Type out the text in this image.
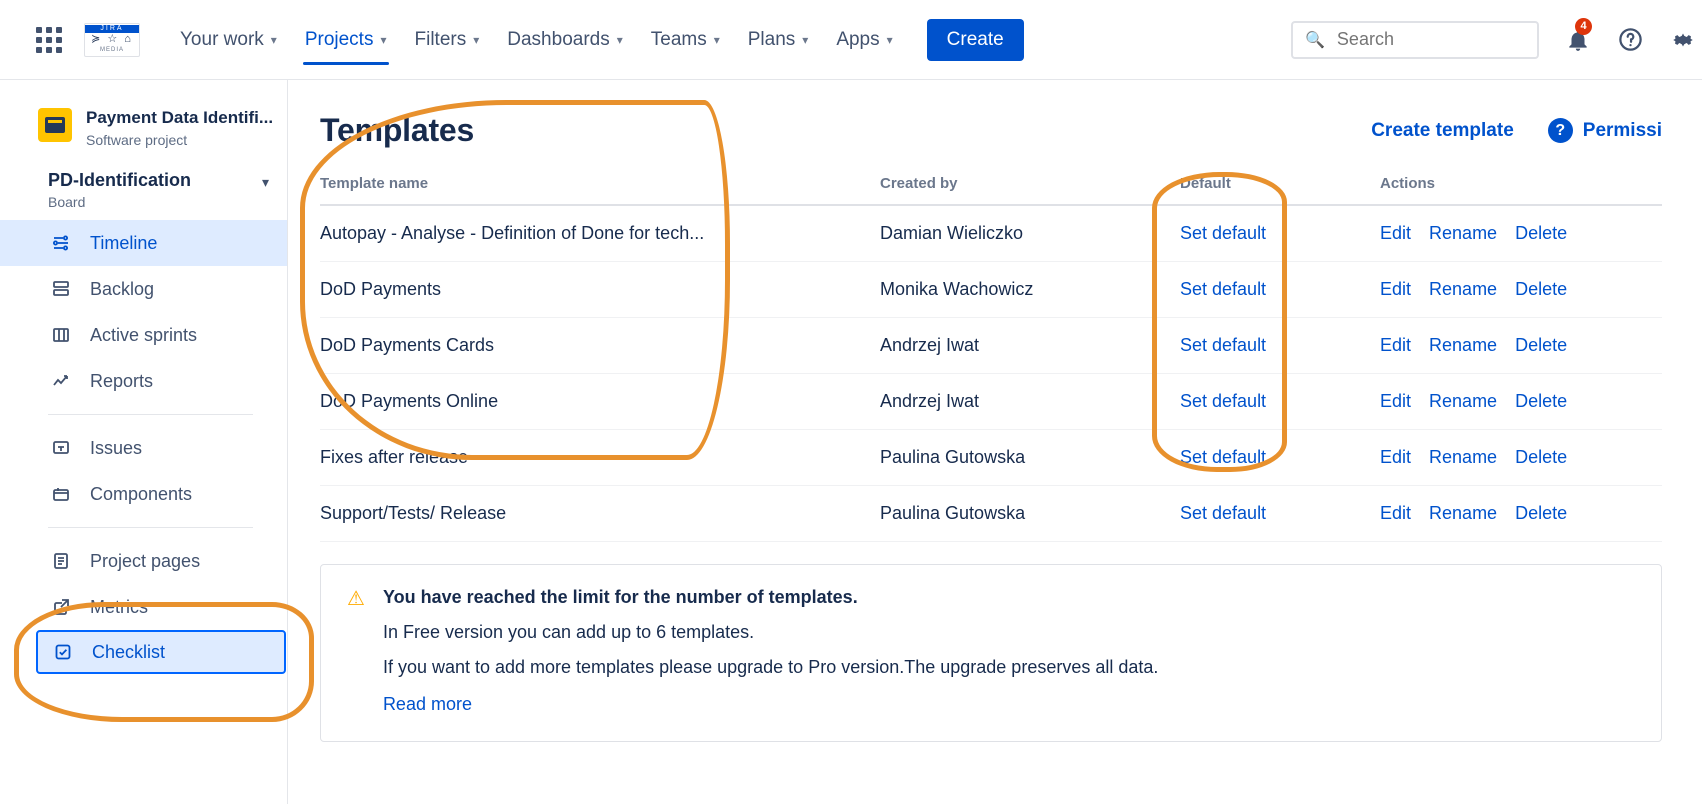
JIRA
≽ ☆ ⌂
MEDIA
Your work ▾ Projects ▾ Filters ▾ Dashboards ▾ Teams ▾ Plans ▾ Apps ▾	Create	🔍
Search
4
Payment Data Identifi...
Software project
PD-Identification
Board
▾
Timeline
Backlog
Active sprints
Reports
Issues
Components
Project pages
Metrics
Checklist
Templates	Create template	? Permissi
Template name	Created by	Default	Actions
Autopay - Analyse - Definition of Done for tech...	Damian Wieliczko	Set default	Edit Rename Delete
DoD Payments	Monika Wachowicz	Set default	Edit Rename Delete
DoD Payments Cards	Andrzej Iwat	Set default	Edit Rename Delete
DoD Payments Online	Andrzej Iwat	Set default	Edit Rename Delete
Fixes after release	Paulina Gutowska	Set default	Edit Rename Delete
Support/Tests/ Release	Paulina Gutowska	Set default	Edit Rename Delete
⚠ You have reached the limit for the number of templates.
In Free version you can add up to 6 templates.
If you want to add more templates please upgrade to Pro version.The upgrade preserves all data.
Read more
